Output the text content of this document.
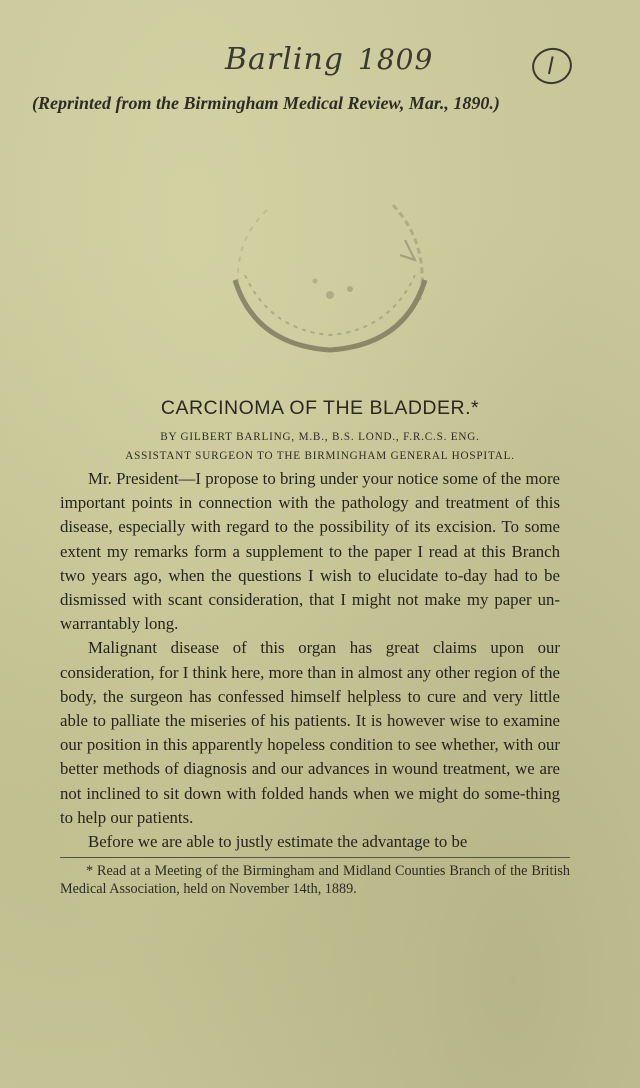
Barling 1809
(Reprinted from the Birmingham Medical Review, Mar., 1890.)
CARCINOMA OF THE BLADDER.*
BY GILBERT BARLING, M.B., B.S. LOND., F.R.C.S. ENG.
ASSISTANT SURGEON TO THE BIRMINGHAM GENERAL HOSPITAL.

Mr. President—I propose to bring under your notice some of the more important points in connection with the pathology and treatment of this disease, especially with regard to the possibility of its excision. To some extent my remarks form a supplement to the paper I read at this Branch two years ago, when the questions I wish to elucidate to-day had to be dismissed with scant consideration, that I might not make my paper un-warrantably long.

Malignant disease of this organ has great claims upon our consideration, for I think here, more than in almost any other region of the body, the surgeon has confessed himself helpless to cure and very little able to palliate the miseries of his patients. It is however wise to examine our position in this apparently hopeless condition to see whether, with our better methods of diagnosis and our advances in wound treatment, we are not inclined to sit down with folded hands when we might do some-thing to help our patients.

Before we are able to justly estimate the advantage to be

* Read at a Meeting of the Birmingham and Midland Counties Branch of the British Medical Association, held on November 14th, 1889.
